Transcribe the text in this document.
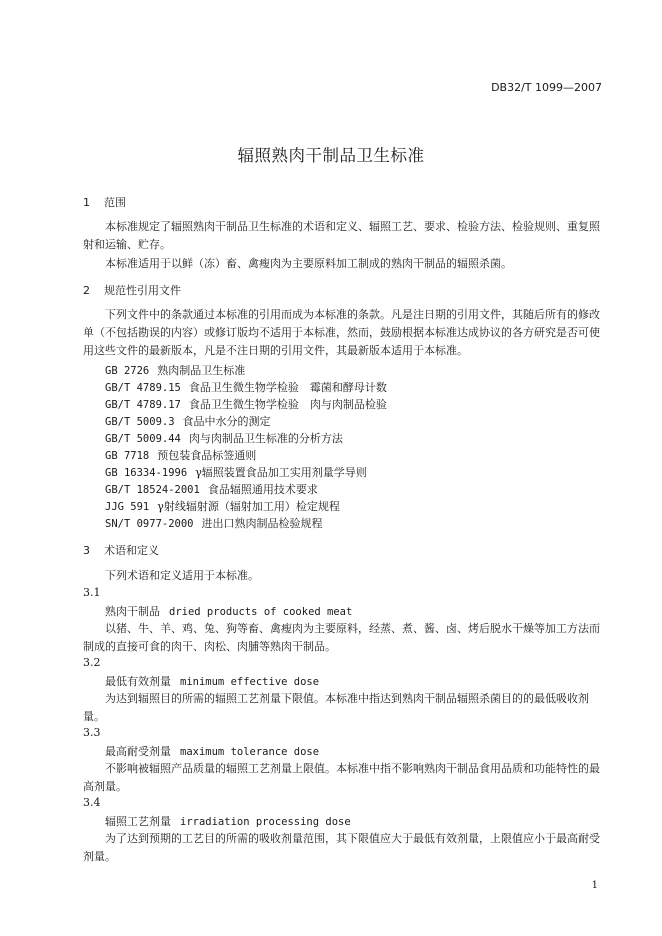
DB32/T 1099—2007
辐照熟肉干制品卫生标准
1 范围
本标准规定了辐照熟肉干制品卫生标准的术语和定义、辐照工艺、要求、检验方法、检验规则、重复照射和运输、贮存。
本标准适用于以鲜（冻）畜、禽瘦肉为主要原料加工制成的熟肉干制品的辐照杀菌。
2 规范性引用文件
下列文件中的条款通过本标准的引用而成为本标准的条款。凡是注日期的引用文件，其随后所有的修改单（不包括勘误的内容）或修订版均不适用于本标准，然而，鼓励根据本标准达成协议的各方研究是否可使用这些文件的最新版本，凡是不注日期的引用文件，其最新版本适用于本标准。
GB 2726 熟肉制品卫生标准
GB/T 4789.15 食品卫生微生物学检验　霉菌和酵母计数
GB/T 4789.17 食品卫生微生物学检验　肉与肉制品检验
GB/T 5009.3 食品中水分的测定
GB/T 5009.44 肉与肉制品卫生标准的分析方法
GB 7718 预包装食品标签通则
GB 16334-1996 γ辐照装置食品加工实用剂量学导则
GB/T 18524-2001 食品辐照通用技术要求
JJG 591 γ射线辐射源（辐射加工用）检定规程
SN/T 0977-2000 进出口熟肉制品检验规程
3 术语和定义
下列术语和定义适用于本标准。
3.1
熟肉干制品 dried products of cooked meat
以猪、牛、羊、鸡、兔、狗等畜、禽瘦肉为主要原料，经蒸、煮、酱、卤、烤后脱水干燥等加工方法而制成的直接可食的肉干、肉松、肉脯等熟肉干制品。
3.2
最低有效剂量 minimum effective dose
为达到辐照目的所需的辐照工艺剂量下限值。本标准中指达到熟肉干制品辐照杀菌目的的最低吸收剂量。
3.3
最高耐受剂量 maximum tolerance dose
不影响被辐照产品质量的辐照工艺剂量上限值。本标准中指不影响熟肉干制品食用品质和功能特性的最高剂量。
3.4
辐照工艺剂量 irradiation processing dose
为了达到预期的工艺目的所需的吸收剂量范围，其下限值应大于最低有效剂量，上限值应小于最高耐受剂量。
1
